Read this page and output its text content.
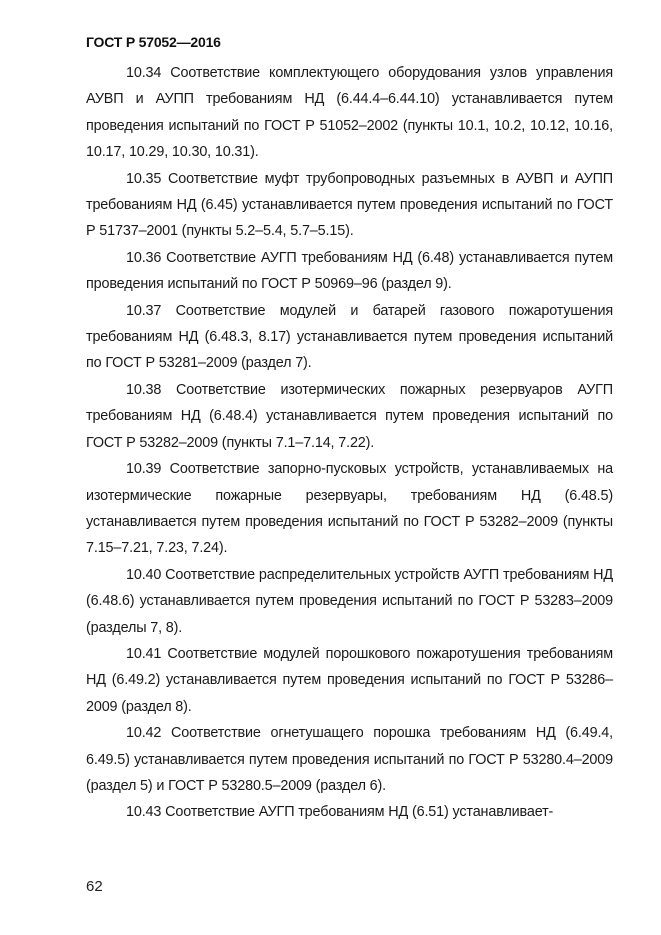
ГОСТ Р 57052—2016

10.34 Соответствие комплектующего оборудования узлов управления АУВП и АУПП требованиям НД (6.44.4–6.44.10) устанавливается путем проведения испытаний по ГОСТ Р 51052–2002 (пункты 10.1, 10.2, 10.12, 10.16, 10.17, 10.29, 10.30, 10.31).

10.35 Соответствие муфт трубопроводных разъемных в АУВП и АУПП требованиям НД (6.45) устанавливается путем проведения испытаний по ГОСТ Р 51737–2001 (пункты 5.2–5.4, 5.7–5.15).

10.36 Соответствие АУГП требованиям НД (6.48) устанавливается путем проведения испытаний по ГОСТ Р 50969–96 (раздел 9).

10.37 Соответствие модулей и батарей газового пожаротушения требованиям НД (6.48.3, 8.17) устанавливается путем проведения испытаний по ГОСТ Р 53281–2009 (раздел 7).

10.38 Соответствие изотермических пожарных резервуаров АУГП требованиям НД (6.48.4) устанавливается путем проведения испытаний по ГОСТ Р 53282–2009 (пункты 7.1–7.14, 7.22).

10.39 Соответствие запорно-пусковых устройств, устанавливаемых на изотермические пожарные резервуары, требованиям НД (6.48.5) устанавливается путем проведения испытаний по ГОСТ Р 53282–2009 (пункты 7.15–7.21, 7.23, 7.24).

10.40 Соответствие распределительных устройств АУГП требованиям НД (6.48.6) устанавливается путем проведения испытаний по ГОСТ Р 53283–2009 (разделы 7, 8).

10.41 Соответствие модулей порошкового пожаротушения требованиям НД (6.49.2) устанавливается путем проведения испытаний по ГОСТ Р 53286–2009 (раздел 8).

10.42 Соответствие огнетушащего порошка требованиям НД (6.49.4, 6.49.5) устанавливается путем проведения испытаний по ГОСТ Р 53280.4–2009 (раздел 5) и ГОСТ Р 53280.5–2009 (раздел 6).

10.43 Соответствие АУГП требованиям НД (6.51) устанавливает-

62
